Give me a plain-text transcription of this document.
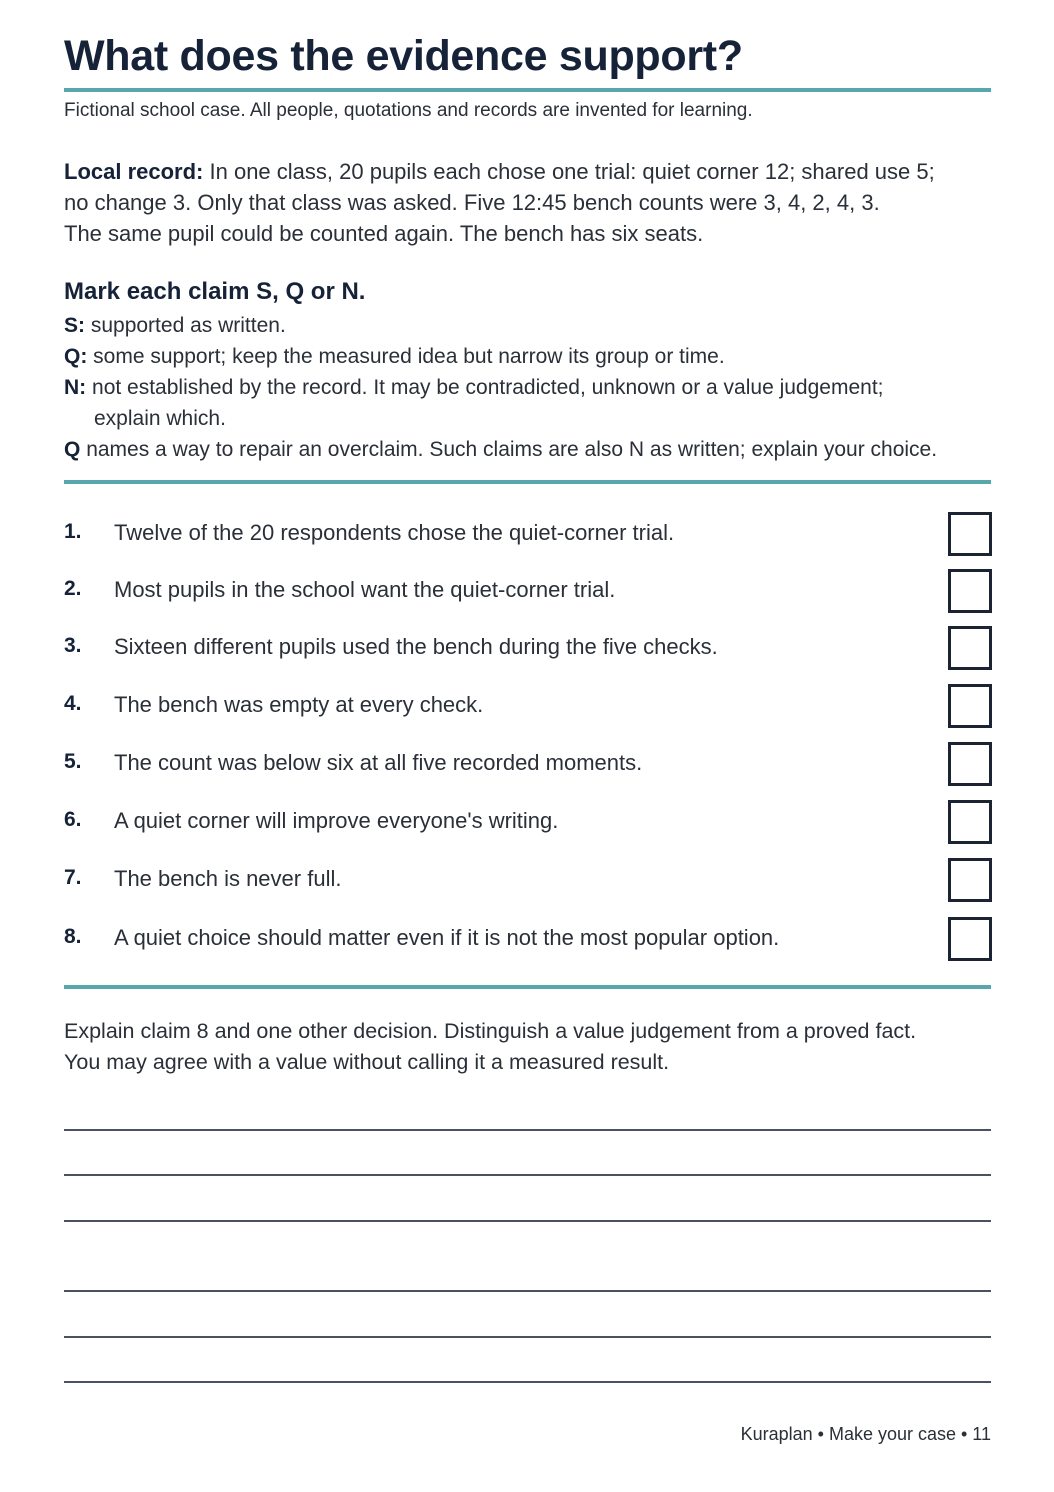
What does the evidence support?
Fictional school case. All people, quotations and records are invented for learning.
Local record: In one class, 20 pupils each chose one trial: quiet corner 12; shared use 5;
no change 3. Only that class was asked. Five 12:45 bench counts were 3, 4, 2, 4, 3.
The same pupil could be counted again. The bench has six seats.
Mark each claim S, Q or N.
S: supported as written.
Q: some support; keep the measured idea but narrow its group or time.
N: not established by the record. It may be contradicted, unknown or a value judgement;
explain which.
Q names a way to repair an overclaim. Such claims are also N as written; explain your choice.
1. Twelve of the 20 respondents chose the quiet-corner trial.
2. Most pupils in the school want the quiet-corner trial.
3. Sixteen different pupils used the bench during the five checks.
4. The bench was empty at every check.
5. The count was below six at all five recorded moments.
6. A quiet corner will improve everyone's writing.
7. The bench is never full.
8. A quiet choice should matter even if it is not the most popular option.
Explain claim 8 and one other decision. Distinguish a value judgement from a proved fact.
You may agree with a value without calling it a measured result.
Kuraplan • Make your case • 11
